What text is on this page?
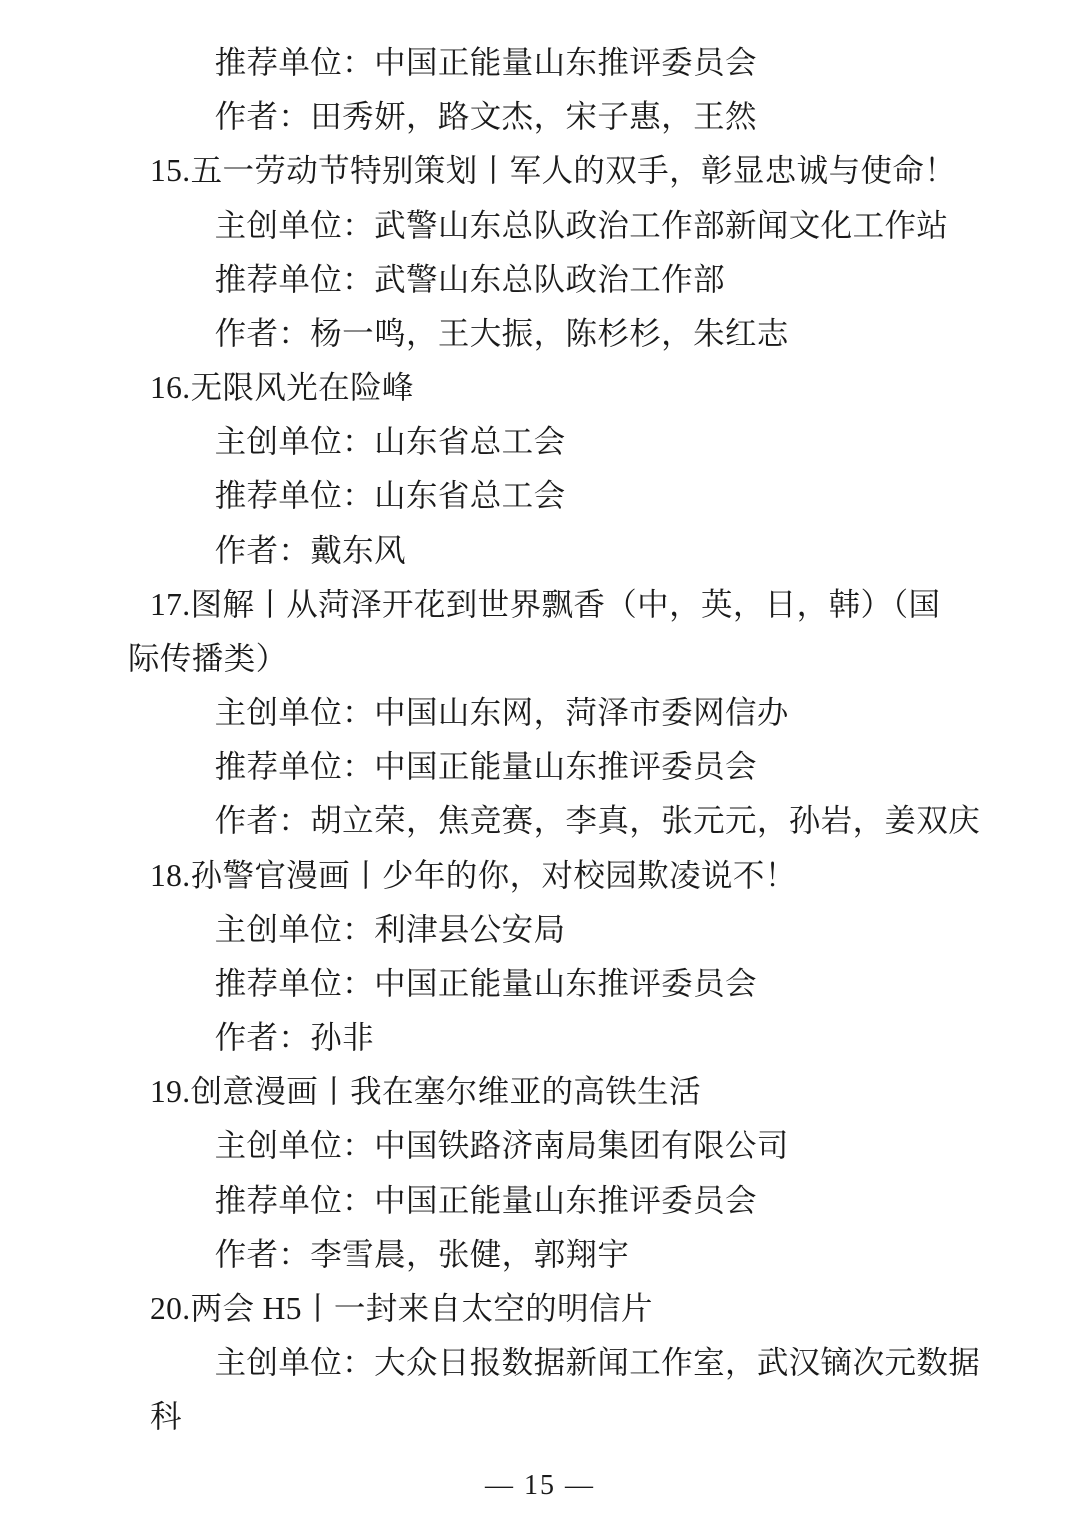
推荐单位：中国正能量山东推评委员会

作者：田秀妍，路文杰，宋子惠，王然

15.五一劳动节特别策划丨军人的双手，彰显忠诚与使命！

主创单位：武警山东总队政治工作部新闻文化工作站

推荐单位：武警山东总队政治工作部

作者：杨一鸣，王大振，陈杉杉，朱红志

16.无限风光在险峰

主创单位：山东省总工会

推荐单位：山东省总工会

作者：戴东风

17.图解丨从菏泽开花到世界飘香（中，英，日，韩）（国

际传播类）

主创单位：中国山东网，菏泽市委网信办

推荐单位：中国正能量山东推评委员会

作者：胡立荣，焦竞赛，李真，张元元，孙岩，姜双庆

18.孙警官漫画丨少年的你，对校园欺凌说不！

主创单位：利津县公安局

推荐单位：中国正能量山东推评委员会

作者：孙非

19.创意漫画丨我在塞尔维亚的高铁生活

主创单位：中国铁路济南局集团有限公司

推荐单位：中国正能量山东推评委员会

作者：李雪晨，张健，郭翔宇

20.两会 H5丨一封来自太空的明信片

主创单位：大众日报数据新闻工作室，武汉镝次元数据科

— 15 —
